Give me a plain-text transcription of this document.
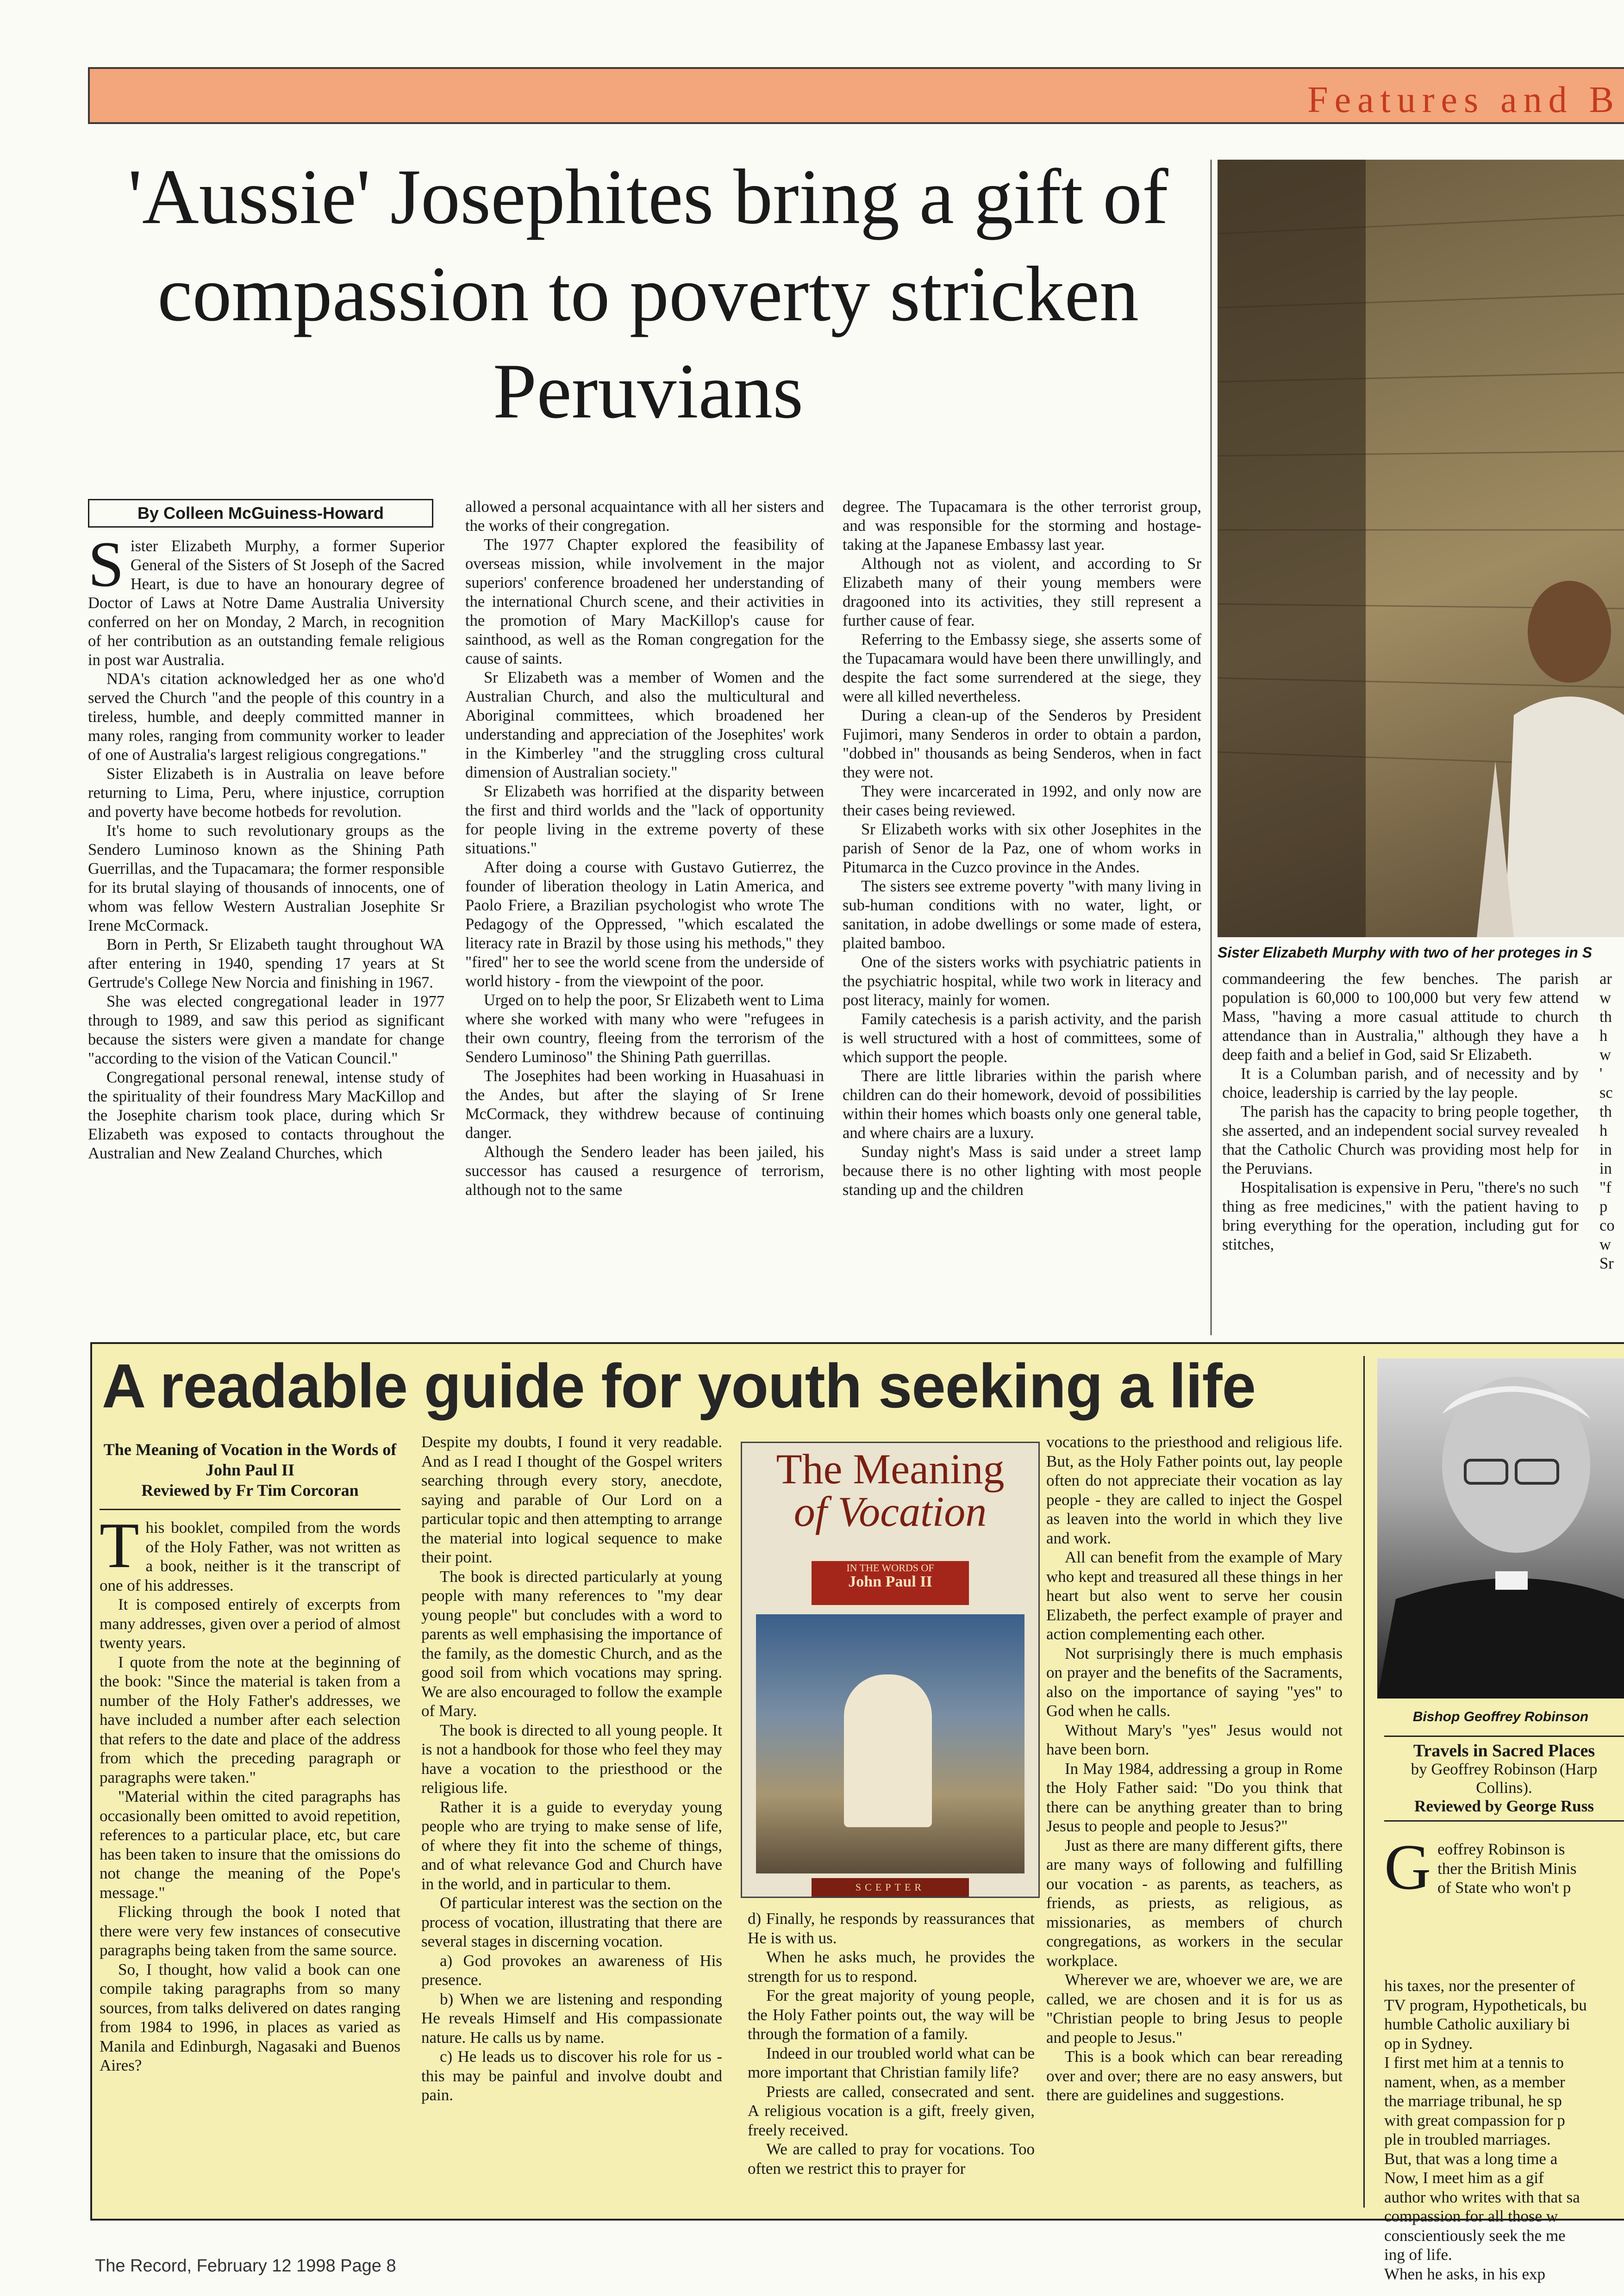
Features and B
'Aussie' Josephites bring a gift of compassion to poverty stricken Peruvians
By Colleen McGuiness-Howard

Sister Elizabeth Murphy, a former Superior General of the Sisters of St Joseph of the Sacred Heart, is due to have an honourary degree of Doctor of Laws at Notre Dame Australia University conferred on her on Monday, 2 March, in recognition of her contribution as an outstanding female religious in post war Australia.

NDA's citation acknowledged her as one who'd served the Church "and the people of this country in a tireless, humble, and deeply committed manner in many roles, ranging from community worker to leader of one of Australia's largest religious congregations."

Sister Elizabeth is in Australia on leave before returning to Lima, Peru, where injustice, corruption and poverty have become hotbeds for revolution.

It's home to such revolutionary groups as the Sendero Luminoso known as the Shining Path Guerrillas, and the Tupacamara; the former responsible for its brutal slaying of thousands of innocents, one of whom was fellow Western Australian Josephite Sr Irene McCormack.

Born in Perth, Sr Elizabeth taught throughout WA after entering in 1940, spending 17 years at St Gertrude's College New Norcia and finishing in 1967.

She was elected congregational leader in 1977 through to 1989, and saw this period as significant because the sisters were given a mandate for change "according to the vision of the Vatican Council."

Congregational personal renewal, intense study of the spirituality of their foundress Mary MacKillop and the Josephite charism took place, during which Sr Elizabeth was exposed to contacts throughout the Australian and New Zealand Churches, which

allowed a personal acquaintance with all her sisters and the works of their congregation.

The 1977 Chapter explored the feasibility of overseas mission, while involvement in the major superiors' conference broadened her understanding of the international Church scene, and their activities in the promotion of Mary MacKillop's cause for sainthood, as well as the Roman congregation for the cause of saints.

Sr Elizabeth was a member of Women and the Australian Church, and also the multicultural and Aboriginal committees, which broadened her understanding and appreciation of the Josephites' work in the Kimberley "and the struggling cross cultural dimension of Australian society."

Sr Elizabeth was horrified at the disparity between the first and third worlds and the "lack of opportunity for people living in the extreme poverty of these situations."

After doing a course with Gustavo Gutierrez, the founder of liberation theology in Latin America, and Paolo Friere, a Brazilian psychologist who wrote The Pedagogy of the Oppressed, "which escalated the literacy rate in Brazil by those using his methods," they "fired" her to see the world scene from the underside of world history - from the viewpoint of the poor.

Urged on to help the poor, Sr Elizabeth went to Lima where she worked with many who were "refugees in their own country, fleeing from the terrorism of the Sendero Luminoso" the Shining Path guerrillas.

The Josephites had been working in Huasahuasi in the Andes, but after the slaying of Sr Irene McCormack, they withdrew because of continuing danger.

Although the Sendero leader has been jailed, his successor has caused a resurgence of terrorism, although not to the same

degree. The Tupacamara is the other terrorist group, and was responsible for the storming and hostage-taking at the Japanese Embassy last year.

Although not as violent, and according to Sr Elizabeth many of their young members were dragooned into its activities, they still represent a further cause of fear.

Referring to the Embassy siege, she asserts some of the Tupacamara would have been there unwillingly, and despite the fact some surrendered at the siege, they were all killed nevertheless.

During a clean-up of the Senderos by President Fujimori, many Senderos in order to obtain a pardon, "dobbed in" thousands as being Senderos, when in fact they were not.

They were incarcerated in 1992, and only now are their cases being reviewed.

Sr Elizabeth works with six other Josephites in the parish of Senor de la Paz, one of whom works in Pitumarca in the Cuzco province in the Andes.

The sisters see extreme poverty "with many living in sub-human conditions with no water, light, or sanitation, in adobe dwellings or some made of estera, plaited bamboo.

One of the sisters works with psychiatric patients in the psychiatric hospital, while two work in literacy and post literacy, mainly for women.

Family catechesis is a parish activity, and the parish is well structured with a host of committees, some of which support the people.

There are little libraries within the parish where children can do their homework, devoid of possibilities within their homes which boasts only one general table, and where chairs are a luxury.

Sunday night's Mass is said under a street lamp because there is no other lighting with most people standing up and the children

Sister Elizabeth Murphy with two of her proteges in S

commandeering the few benches. The parish population is 60,000 to 100,000 but very few attend Mass, "having a more casual attitude to church attendance than in Australia," although they have a deep faith and a belief in God, said Sr Elizabeth.

It is a Columban parish, and of necessity and by choice, leadership is carried by the lay people.

The parish has the capacity to bring people together, she asserted, and an independent social survey revealed that the Catholic Church was providing most help for the Peruvians.

Hospitalisation is expensive in Peru, "there's no such thing as free medicines," with the patient having to bring everything for the operation, including gut for stitches,

ar
w
th
h
w
'
sc
th
h
in
in
"f
p
co
w
Sr
A readable guide for youth seeking a life
The Meaning of Vocation in the Words of John Paul II
Reviewed by Fr Tim Corcoran

This booklet, compiled from the words of the Holy Father, was not written as a book, neither is it the transcript of one of his addresses.

It is composed entirely of excerpts from many addresses, given over a period of almost twenty years.

I quote from the note at the beginning of the book: "Since the material is taken from a number of the Holy Father's addresses, we have included a number after each selection that refers to the date and place of the address from which the preceding paragraph or paragraphs were taken."

"Material within the cited paragraphs has occasionally been omitted to avoid repetition, references to a particular place, etc, but care has been taken to insure that the omissions do not change the meaning of the Pope's message."

Flicking through the book I noted that there were very few instances of consecutive paragraphs being taken from the same source.

So, I thought, how valid a book can one compile taking paragraphs from so many sources, from talks delivered on dates ranging from 1984 to 1996, in places as varied as Manila and Edinburgh, Nagasaki and Buenos Aires?

Despite my doubts, I found it very readable. And as I read I thought of the Gospel writers searching through every story, anecdote, saying and parable of Our Lord on a particular topic and then attempting to arrange the material into logical sequence to make their point.

The book is directed particularly at young people with many references to "my dear young people" but concludes with a word to parents as well emphasising the importance of the family, as the domestic Church, and as the good soil from which vocations may spring. We are also encouraged to follow the example of Mary.

The book is directed to all young people. It is not a handbook for those who feel they may have a vocation to the priesthood or the religious life.

Rather it is a guide to everyday young people who are trying to make sense of life, of where they fit into the scheme of things, and of what relevance God and Church have in the world, and in particular to them.

Of particular interest was the section on the process of vocation, illustrating that there are several stages in discerning vocation.

a) God provokes an awareness of His presence.

b) When we are listening and responding He reveals Himself and His compassionate nature. He calls us by name.

c) He leads us to discover his role for us - this may be painful and involve doubt and pain.

The Meaning
of Vocation
IN THE WORDS OF
John Paul II
SCEPTER

d) Finally, he responds by reassurances that He is with us.

When he asks much, he provides the strength for us to respond.

For the great majority of young people, the Holy Father points out, the way will be through the formation of a family.

Indeed in our troubled world what can be more important that Christian family life?

Priests are called, consecrated and sent. A religious vocation is a gift, freely given, freely received.

We are called to pray for vocations. Too often we restrict this to prayer for

vocations to the priesthood and religious life. But, as the Holy Father points out, lay people often do not appreciate their vocation as lay people - they are called to inject the Gospel as leaven into the world in which they live and work.

All can benefit from the example of Mary who kept and treasured all these things in her heart but also went to serve her cousin Elizabeth, the perfect example of prayer and action complementing each other.

Not surprisingly there is much emphasis on prayer and the benefits of the Sacraments, also on the importance of saying "yes" to God when he calls.

Without Mary's "yes" Jesus would not have been born.

In May 1984, addressing a group in Rome the Holy Father said: "Do you think that there can be anything greater than to bring Jesus to people and people to Jesus?"

Just as there are many different gifts, there are many ways of following and fulfilling our vocation - as parents, as teachers, as friends, as priests, as religious, as missionaries, as members of church congregations, as workers in the secular workplace.

Wherever we are, whoever we are, we are called, we are chosen and it is for us as "Christian people to bring Jesus to people and people to Jesus."

This is a book which can bear rereading over and over; there are no easy answers, but there are guidelines and suggestions.

Bishop Geoffrey Robinson
Travels in Sacred Places
by Geoffrey Robinson (Harp
Collins).
Reviewed by George Russ
G eoffrey Robinson is
ther the British Minis
of State who won't p
his taxes, nor the presenter of
TV program, Hypotheticals, bu
humble Catholic auxiliary bi
op in Sydney.
I first met him at a tennis to
nament, when, as a member
the marriage tribunal, he sp
with great compassion for p
ple in troubled marriages.
But, that was a long time a
Now, I meet him as a gif
author who writes with that sa
compassion for all those w
conscientiously seek the me
ing of life.
When he asks, in his exp
The Record, February 12 1998 Page 8
